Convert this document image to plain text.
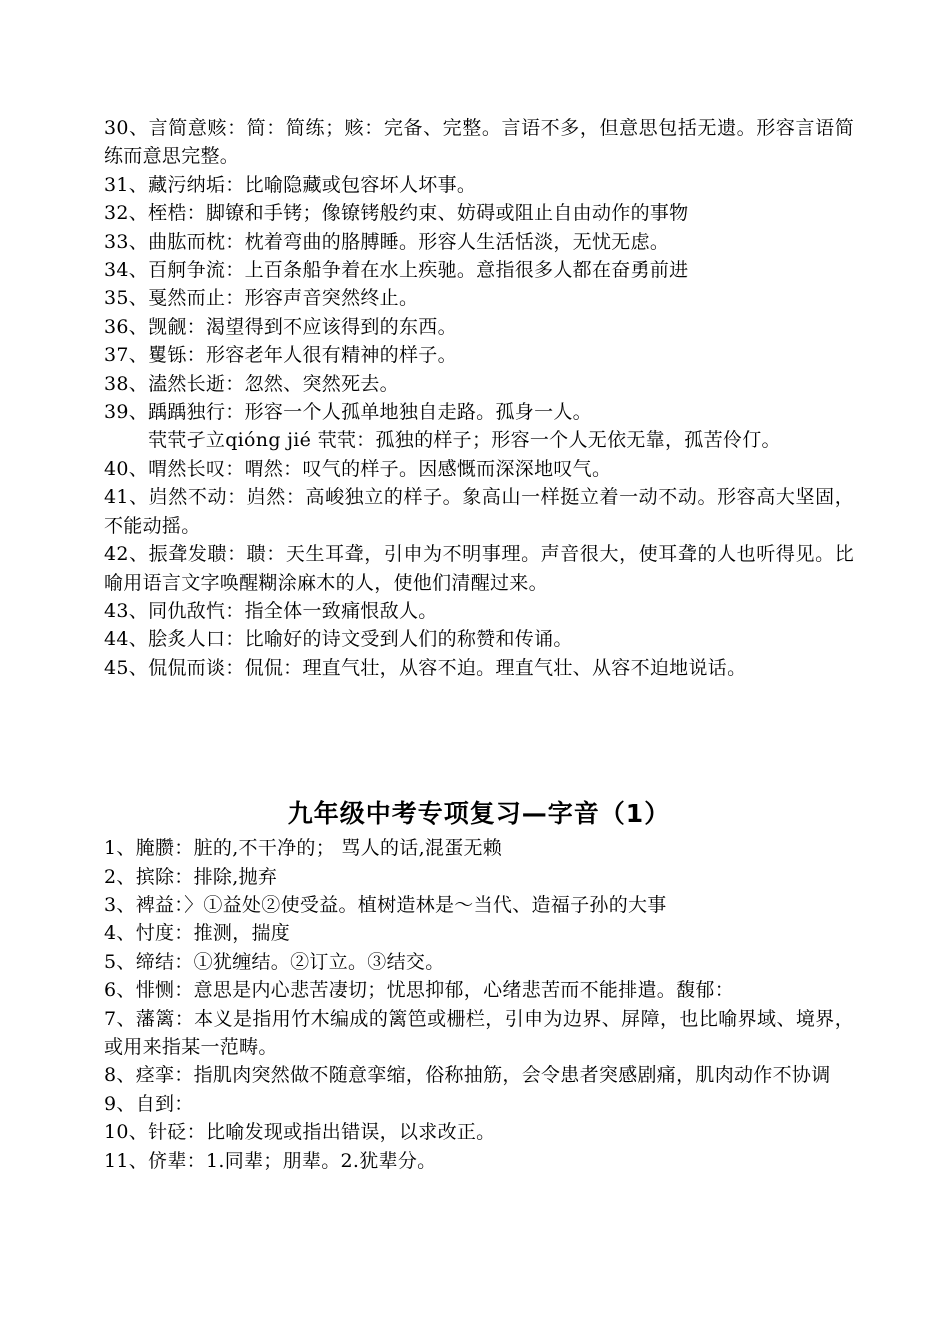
30、言简意赅：简：简练；赅：完备、完整。言语不多，但意思包括无遗。形容言语简练而意思完整。
31、藏污纳垢：比喻隐藏或包容坏人坏事。
32、桎梏：脚镣和手铐；像镣铐般约束、妨碍或阻止自由动作的事物
33、曲肱而枕：枕着弯曲的胳膊睡。形容人生活恬淡，无忧无虑。
34、百舸争流：上百条船争着在水上疾驰。意指很多人都在奋勇前进
35、戛然而止：形容声音突然终止。
36、觊觎：渴望得到不应该得到的东西。
37、矍铄：形容老年人很有精神的样子。
38、溘然长逝：忽然、突然死去。
39、踽踽独行：形容一个人孤单地独自走路。孤身一人。
茕茕孑立qióng jié 茕茕：孤独的样子；形容一个人无依无靠，孤苦伶仃。
40、喟然长叹：喟然：叹气的样子。因感慨而深深地叹气。
41、岿然不动：岿然：高峻独立的样子。象高山一样挺立着一动不动。形容高大坚固，不能动摇。
42、振聋发聩：聩：天生耳聋，引申为不明事理。声音很大，使耳聋的人也听得见。比喻用语言文字唤醒糊涂麻木的人，使他们清醒过来。
43、同仇敌忾：指全体一致痛恨敌人。
44、脍炙人口：比喻好的诗文受到人们的称赞和传诵。
45、侃侃而谈：侃侃：理直气壮，从容不迫。理直气壮、从容不迫地说话。
九年级中考专项复习—字音（1）
1、腌臜：脏的,不干净的； 骂人的话,混蛋无赖
2、摈除：排除,抛弃
3、裨益：〉①益处②使受益。植树造林是～当代、造福子孙的大事
4、忖度：推测，揣度
5、缔结：①犹缠结。②订立。③结交。
6、悱恻：意思是内心悲苦凄切；忧思抑郁，心绪悲苦而不能排遣。馥郁：
7、藩篱：本义是指用竹木编成的篱笆或栅栏，引申为边界、屏障，也比喻界域、境界，或用来指某一范畴。
8、痉挛：指肌肉突然做不随意挛缩，俗称抽筋，会令患者突感剧痛，肌肉动作不协调
9、自到：
10、针砭：比喻发现或指出错误，以求改正。
11、侪辈：1.同辈；朋辈。2.犹辈分。
